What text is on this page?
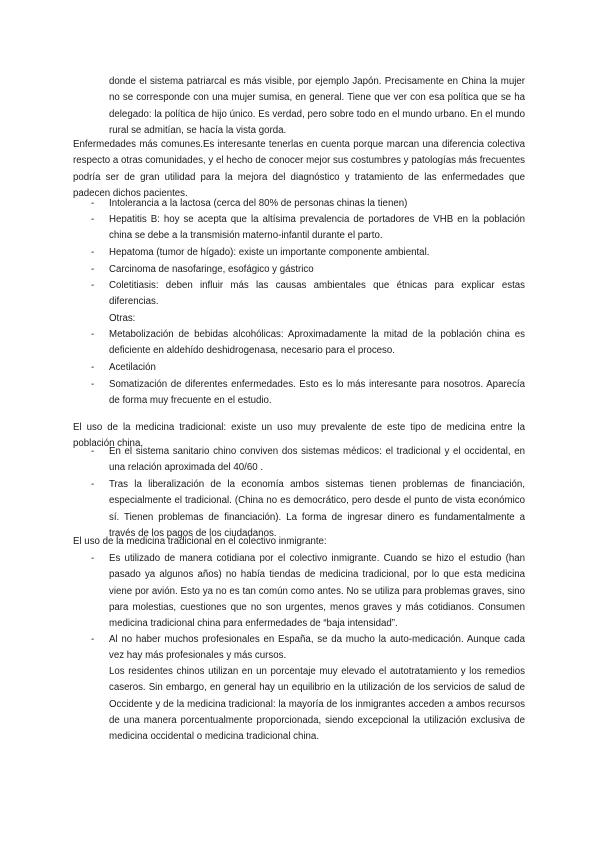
donde el sistema patriarcal es más visible, por ejemplo Japón. Precisamente en China la mujer no se corresponde con una mujer sumisa, en general. Tiene que ver con esa política que se ha delegado: la política de hijo único. Es verdad, pero sobre todo en el mundo urbano. En el mundo rural se admitían, se hacía la vista gorda.

Enfermedades más comunes.Es interesante tenerlas en cuenta porque marcan una diferencia colectiva respecto a otras comunidades, y el hecho de conocer mejor sus costumbres y patologías más frecuentes podría ser de gran utilidad para la mejora del diagnóstico y tratamiento de las enfermedades que padecen dichos pacientes.

- Intolerancia a la lactosa (cerca del 80% de personas chinas la tienen)

- Hepatitis B: hoy se acepta que la altísima prevalencia de portadores de VHB en la población china se debe a la transmisión materno-infantil durante el parto.

- Hepatoma (tumor de hígado): existe un importante componente ambiental.

- Carcinoma de nasofaringe, esofágico y gástrico

- Coletitiasis: deben influir más las causas ambientales que étnicas para explicar estas diferencias.

Otras:

- Metabolización de bebidas alcohólicas: Aproximadamente la mitad de la población china es deficiente en aldehído deshidrogenasa, necesario para el proceso.

- Acetilación

- Somatización de diferentes enfermedades. Esto es lo más interesante para nosotros. Aparecía de forma muy frecuente en el estudio.

El uso de la medicina tradicional: existe un uso muy prevalente de este tipo de medicina entre la población china.

- En el sistema sanitario chino conviven dos sistemas médicos: el tradicional y el occidental, en una relación aproximada del 40/60 .

- Tras la liberalización de la economía ambos sistemas tienen problemas de financiación, especialmente el tradicional. (China no es democrático, pero desde el punto de vista económico sí. Tienen problemas de financiación). La forma de ingresar dinero es fundamentalmente a través de los pagos de los ciudadanos.

El uso de la medicina tradicional en el colectivo inmigrante:

- Es utilizado de manera cotidiana por el colectivo inmigrante. Cuando se hizo el estudio (han pasado ya algunos años) no había tiendas de medicina tradicional, por lo que esta medicina viene por avión. Esto ya no es tan común como antes. No se utiliza para problemas graves, sino para molestias, cuestiones que no son urgentes, menos graves y más cotidianos. Consumen medicina tradicional china para enfermedades de “baja intensidad”.

- Al no haber muchos profesionales en España, se da mucho la auto-medicación. Aunque cada vez hay más profesionales y más cursos.

Los residentes chinos utilizan en un porcentaje muy elevado el autotratamiento y los remedios caseros. Sin embargo, en general hay un equilibrio en la utilización de los servicios de salud de Occidente y de la medicina tradicional: la mayoría de los inmigrantes acceden a ambos recursos de una manera porcentualmente proporcionada, siendo excepcional la utilización exclusiva de medicina occidental o medicina tradicional china.
